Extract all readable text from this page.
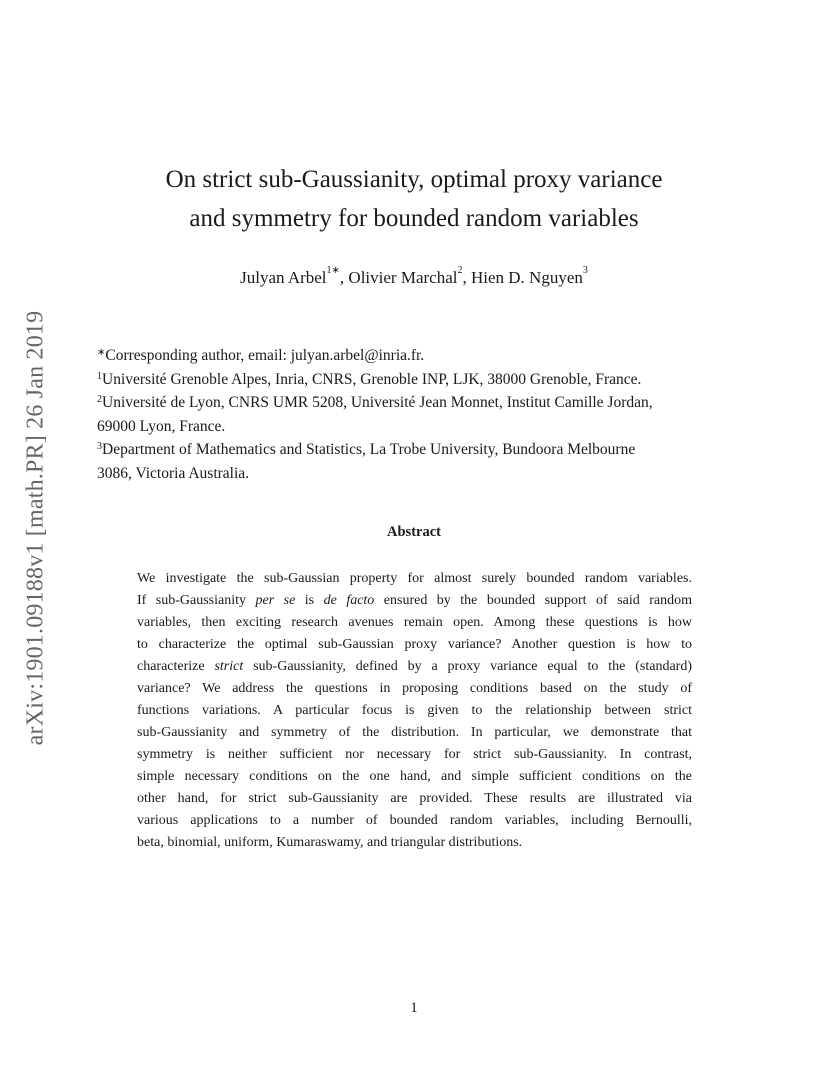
arXiv:1901.09188v1 [math.PR] 26 Jan 2019
On strict sub-Gaussianity, optimal proxy variance
and symmetry for bounded random variables
Julyan Arbel$^{1∗}$, Olivier Marchal$^2$, Hien D. Nguyen$^3$
∗Corresponding author, email: julyan.arbel@inria.fr.
$^1$Université Grenoble Alpes, Inria, CNRS, Grenoble INP, LJK, 38000 Grenoble, France.
$^2$Université de Lyon, CNRS UMR 5208, Université Jean Monnet, Institut Camille Jordan,
69000 Lyon, France.
$^3$Department of Mathematics and Statistics, La Trobe University, Bundoora Melbourne
3086, Victoria Australia.
Abstract
We investigate the sub-Gaussian property for almost surely bounded random variables.
If sub-Gaussianity per se is de facto ensured by the bounded support of said random
variables, then exciting research avenues remain open. Among these questions is how
to characterize the optimal sub-Gaussian proxy variance? Another question is how to
characterize strict sub-Gaussianity, defined by a proxy variance equal to the (standard)
variance? We address the questions in proposing conditions based on the study of
functions variations. A particular focus is given to the relationship between strict
sub-Gaussianity and symmetry of the distribution. In particular, we demonstrate that
symmetry is neither sufficient nor necessary for strict sub-Gaussianity. In contrast,
simple necessary conditions on the one hand, and simple sufficient conditions on the
other hand, for strict sub-Gaussianity are provided. These results are illustrated via
various applications to a number of bounded random variables, including Bernoulli,
beta, binomial, uniform, Kumaraswamy, and triangular distributions.
1
